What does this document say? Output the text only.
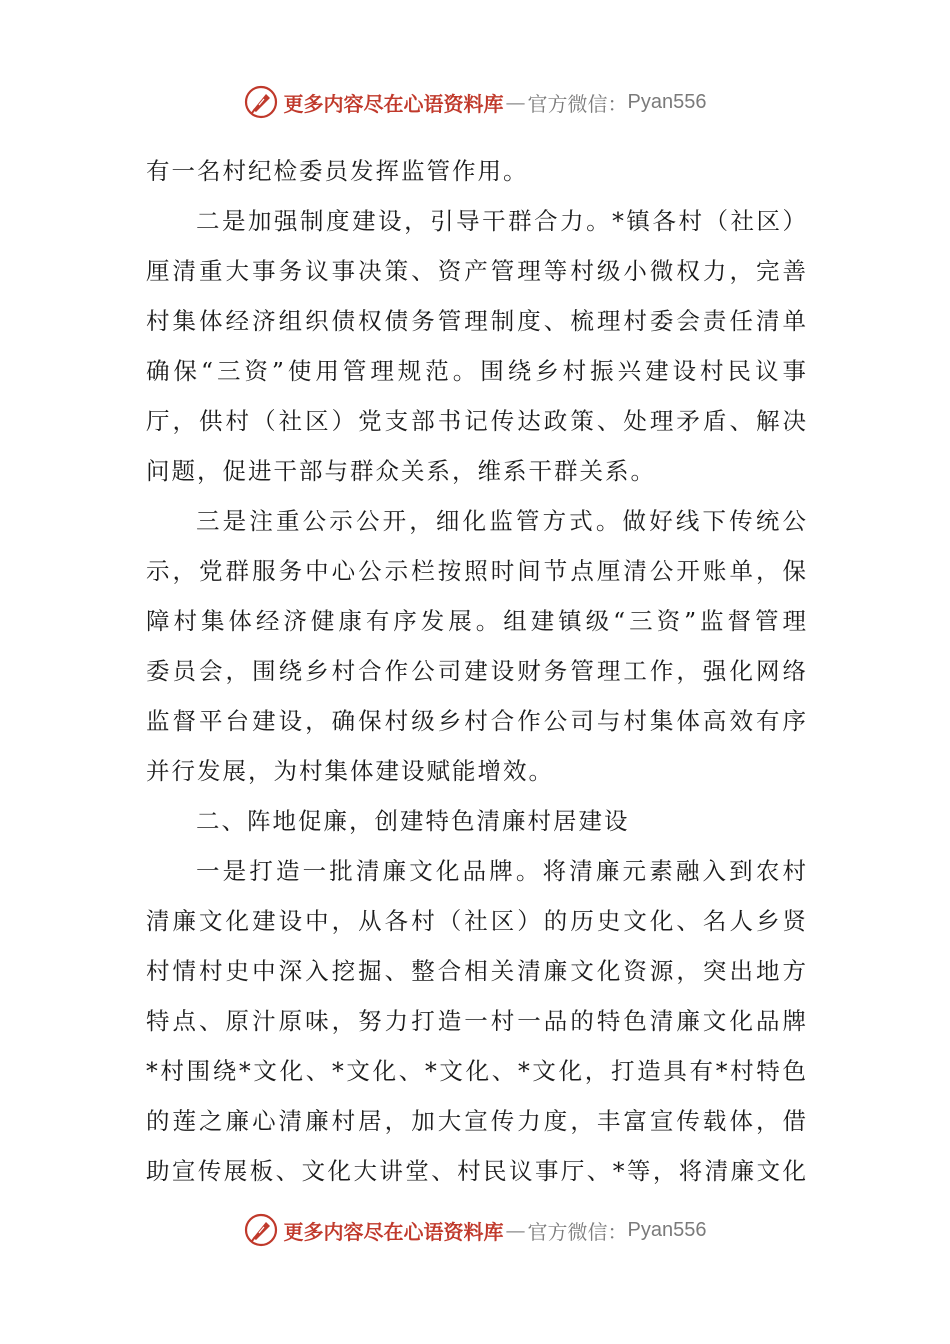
更多内容尽在心语资料库 — 官方微信： Pyan556
有一名村纪检委员发挥监管作用。
二是加强制度建设，引导干群合力。*镇各村（社区）
厘清重大事务议事决策、资产管理等村级小微权力，完善
村集体经济组织债权债务管理制度、梳理村委会责任清单
确保“三资”使用管理规范。围绕乡村振兴建设村民议事
厅，供村（社区）党支部书记传达政策、处理矛盾、解决
问题，促进干部与群众关系，维系干群关系。
三是注重公示公开，细化监管方式。做好线下传统公
示，党群服务中心公示栏按照时间节点厘清公开账单，保
障村集体经济健康有序发展。组建镇级“三资”监督管理
委员会，围绕乡村合作公司建设财务管理工作，强化网络
监督平台建设，确保村级乡村合作公司与村集体高效有序
并行发展，为村集体建设赋能增效。
二、阵地促廉，创建特色清廉村居建设
一是打造一批清廉文化品牌。将清廉元素融入到农村
清廉文化建设中，从各村（社区）的历史文化、名人乡贤
村情村史中深入挖掘、整合相关清廉文化资源，突出地方
特点、原汁原味，努力打造一村一品的特色清廉文化品牌
*村围绕*文化、*文化、*文化、*文化，打造具有*村特色
的莲之廉心清廉村居，加大宣传力度，丰富宣传载体，借
助宣传展板、文化大讲堂、村民议事厅、*等，将清廉文化
更多内容尽在心语资料库 — 官方微信： Pyan556
